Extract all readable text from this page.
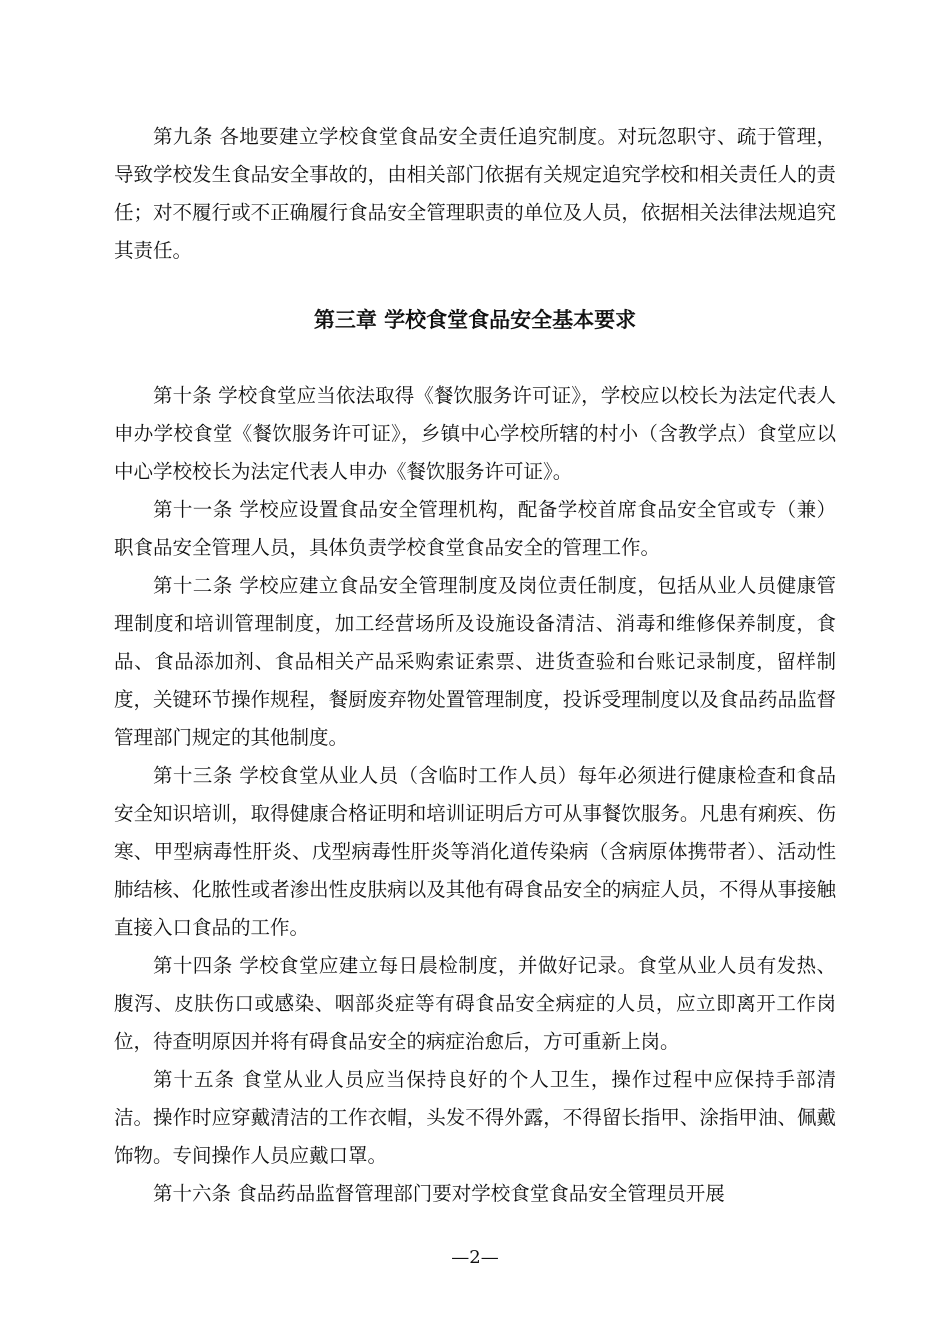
第九条 各地要建立学校食堂食品安全责任追究制度。对玩忽职守、疏于管理，导致学校发生食品安全事故的，由相关部门依据有关规定追究学校和相关责任人的责任；对不履行或不正确履行食品安全管理职责的单位及人员，依据相关法律法规追究其责任。

第三章 学校食堂食品安全基本要求

第十条 学校食堂应当依法取得《餐饮服务许可证》，学校应以校长为法定代表人申办学校食堂《餐饮服务许可证》，乡镇中心学校所辖的村小（含教学点）食堂应以中心学校校长为法定代表人申办《餐饮服务许可证》。

第十一条 学校应设置食品安全管理机构，配备学校首席食品安全官或专（兼）职食品安全管理人员，具体负责学校食堂食品安全的管理工作。

第十二条 学校应建立食品安全管理制度及岗位责任制度，包括从业人员健康管理制度和培训管理制度，加工经营场所及设施设备清洁、消毒和维修保养制度，食品、食品添加剂、食品相关产品采购索证索票、进货查验和台账记录制度，留样制度，关键环节操作规程，餐厨废弃物处置管理制度，投诉受理制度以及食品药品监督管理部门规定的其他制度。

第十三条 学校食堂从业人员（含临时工作人员）每年必须进行健康检查和食品安全知识培训，取得健康合格证明和培训证明后方可从事餐饮服务。凡患有痢疾、伤寒、甲型病毒性肝炎、戊型病毒性肝炎等消化道传染病（含病原体携带者）、活动性肺结核、化脓性或者渗出性皮肤病以及其他有碍食品安全的病症人员，不得从事接触直接入口食品的工作。

第十四条 学校食堂应建立每日晨检制度，并做好记录。食堂从业人员有发热、腹泻、皮肤伤口或感染、咽部炎症等有碍食品安全病症的人员，应立即离开工作岗位，待查明原因并将有碍食品安全的病症治愈后，方可重新上岗。

第十五条 食堂从业人员应当保持良好的个人卫生，操作过程中应保持手部清洁。操作时应穿戴清洁的工作衣帽，头发不得外露，不得留长指甲、涂指甲油、佩戴饰物。专间操作人员应戴口罩。

第十六条 食品药品监督管理部门要对学校食堂食品安全管理员开展

—2—
